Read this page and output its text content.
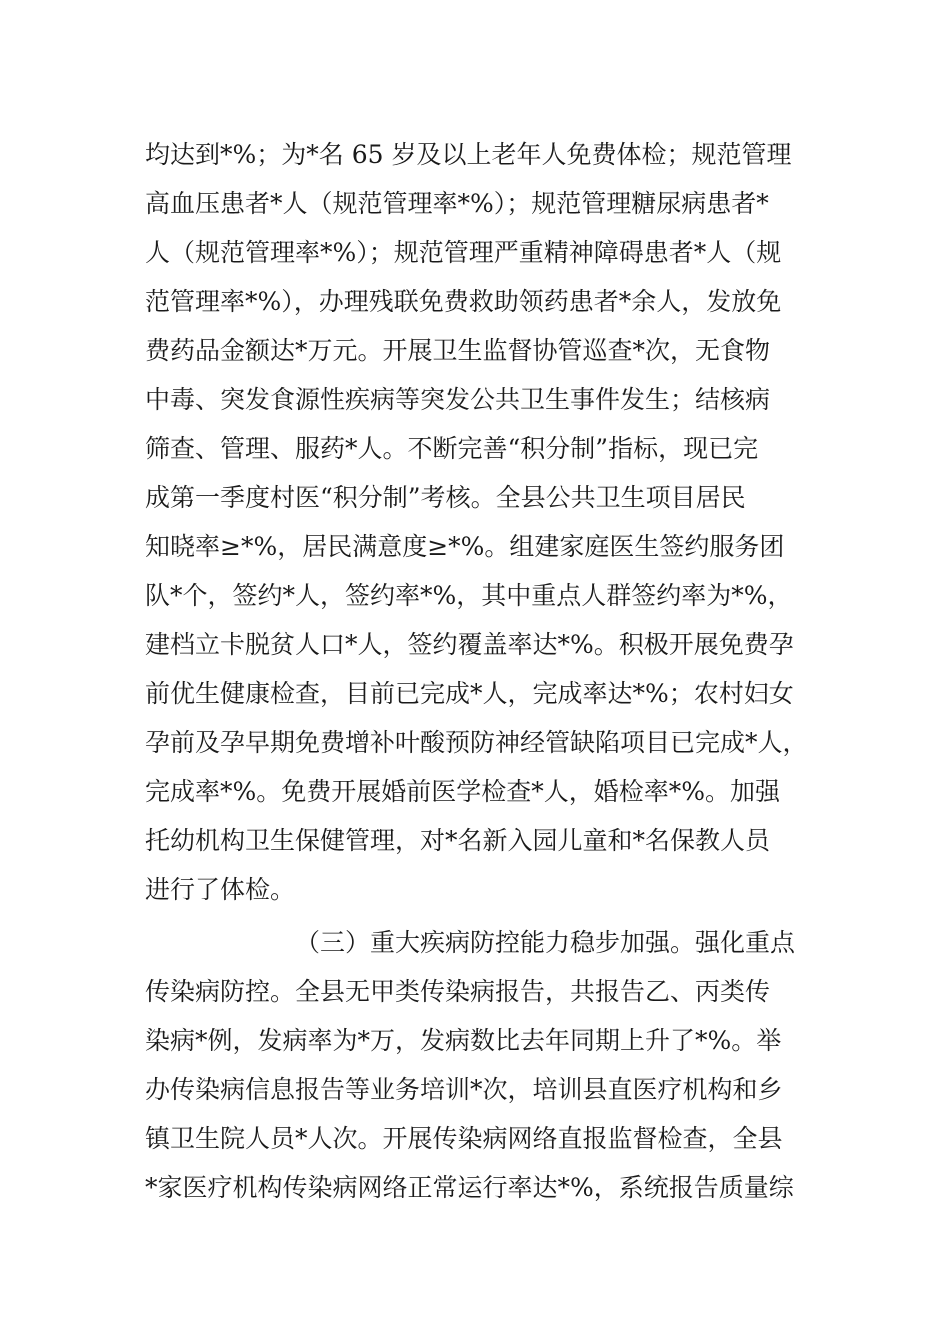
均达到*%；为*名 65 岁及以上老年人免费体检；规范管理
高血压患者*人（规范管理率*%）；规范管理糖尿病患者*
人（规范管理率*%）；规范管理严重精神障碍患者*人（规
范管理率*%），办理残联免费救助领药患者*余人，发放免
费药品金额达*万元。开展卫生监督协管巡查*次，无食物
中毒、突发食源性疾病等突发公共卫生事件发生；结核病
筛查、管理、服药*人。不断完善“积分制”指标，现已完
成第一季度村医“积分制”考核。全县公共卫生项目居民
知晓率≥*%，居民满意度≥*%。组建家庭医生签约服务团
队*个，签约*人，签约率*%，其中重点人群签约率为*%，
建档立卡脱贫人口*人，签约覆盖率达*%。积极开展免费孕
前优生健康检查，目前已完成*人，完成率达*%；农村妇女
孕前及孕早期免费增补叶酸预防神经管缺陷项目已完成*人，
完成率*%。免费开展婚前医学检查*人，婚检率*%。加强
托幼机构卫生保健管理，对*名新入园儿童和*名保教人员
进行了体检。
（三）重大疾病防控能力稳步加强。强化重点
传染病防控。全县无甲类传染病报告，共报告乙、丙类传
染病*例，发病率为*万，发病数比去年同期上升了*%。举
办传染病信息报告等业务培训*次，培训县直医疗机构和乡
镇卫生院人员*人次。开展传染病网络直报监督检查，全县
*家医疗机构传染病网络正常运行率达*%，系统报告质量综
